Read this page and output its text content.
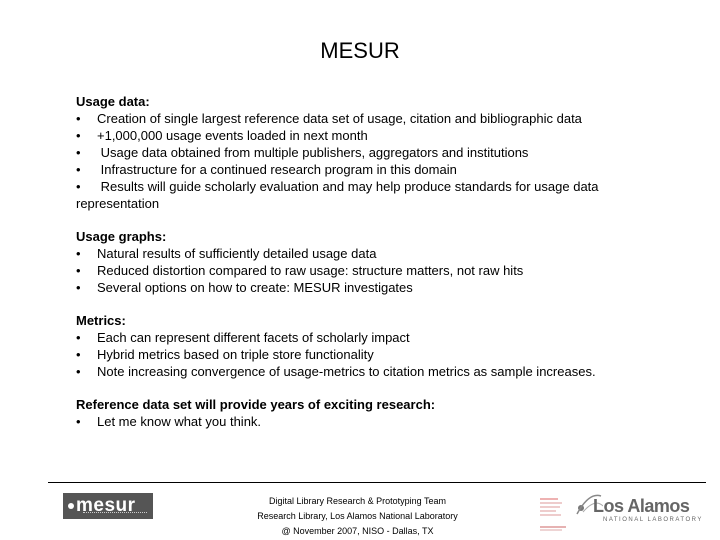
MESUR
Usage data:
•	Creation of single largest reference data set of usage, citation and bibliographic data
•	+1,000,000 usage events loaded in next month
•	Usage data obtained from multiple publishers, aggregators and institutions
•	Infrastructure for a continued research program in this domain
•	Results will guide scholarly evaluation and may help produce standards for usage data
representation
Usage graphs:
•	Natural results of sufficiently detailed usage data
•	Reduced distortion compared to raw usage: structure matters, not raw hits
•	Several options on how to create: MESUR investigates
Metrics:
•	Each can represent different facets of scholarly impact
•	Hybrid metrics based on triple store functionality
•	Note increasing convergence of usage-metrics to citation metrics as sample increases.
Reference data set will provide years of exciting research:
•	Let me know what you think.
mesur	Digital Library Research & Prototyping Team
Research Library, Los Alamos National Laboratory
@ November 2007, NISO - Dallas, TX
Los Alamos
NATIONAL LABORATORY
